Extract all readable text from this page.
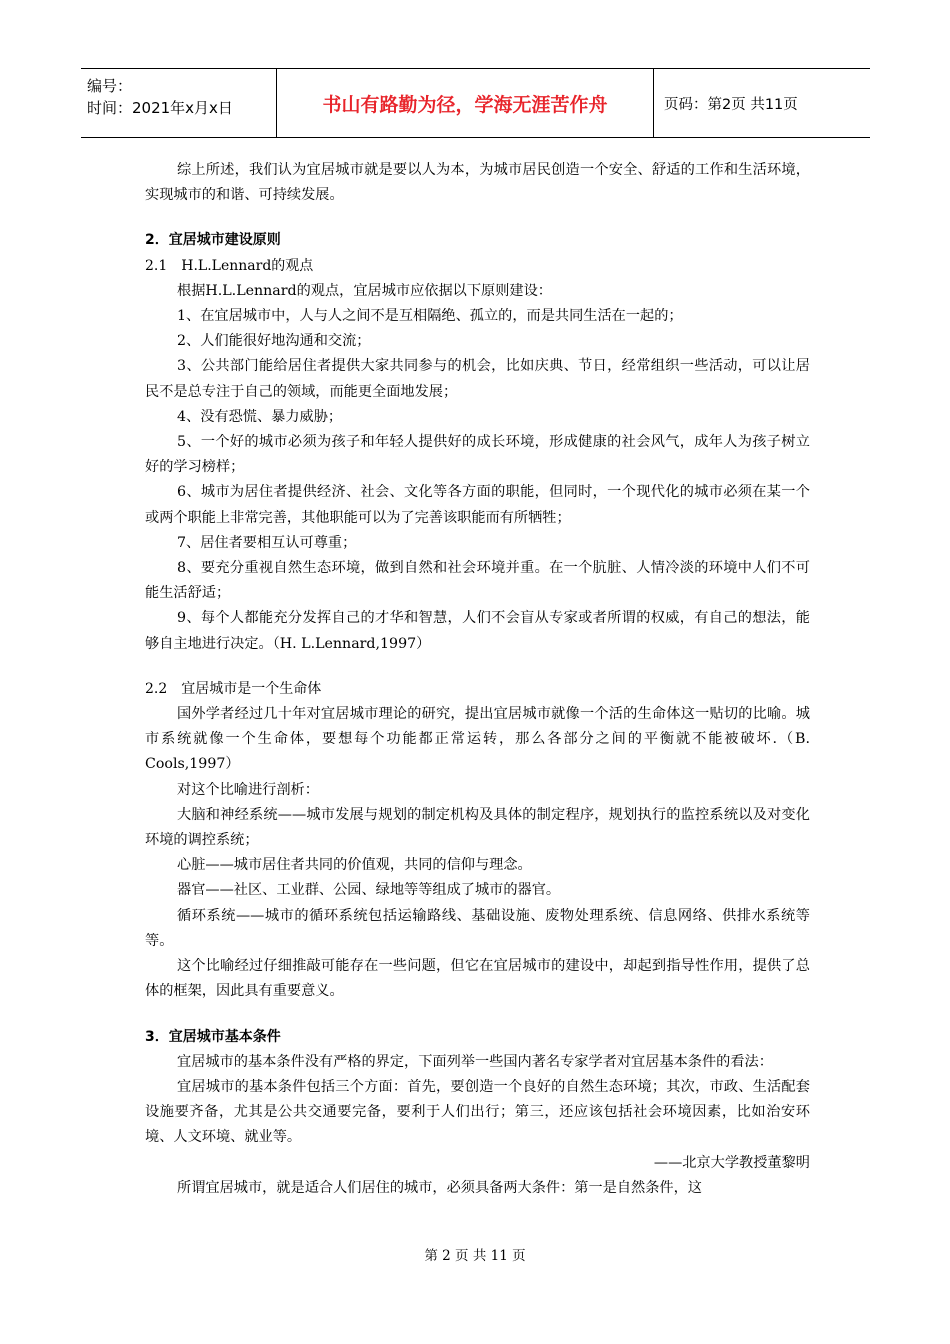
编号：
时间：2021年x月x日	书山有路勤为径，学海无涯苦作舟	页码：第2页 共11页

综上所述，我们认为宜居城市就是要以人为本，为城市居民创造一个安全、舒适的工作和生活环境，实现城市的和谐、可持续发展。

2．宜居城市建设原则

2.1　H.L.Lennard的观点

根据H.L.Lennard的观点，宜居城市应依据以下原则建设：

1、在宜居城市中，人与人之间不是互相隔绝、孤立的，而是共同生活在一起的；

2、人们能很好地沟通和交流；

3、公共部门能给居住者提供大家共同参与的机会，比如庆典、节日，经常组织一些活动，可以让居民不是总专注于自己的领域，而能更全面地发展；

4、没有恐慌、暴力威胁；

5、一个好的城市必须为孩子和年轻人提供好的成长环境，形成健康的社会风气，成年人为孩子树立好的学习榜样；

6、城市为居住者提供经济、社会、文化等各方面的职能，但同时，一个现代化的城市必须在某一个或两个职能上非常完善，其他职能可以为了完善该职能而有所牺牲；

7、居住者要相互认可尊重；

8、要充分重视自然生态环境，做到自然和社会环境并重。在一个肮脏、人情冷淡的环境中人们不可能生活舒适；

9、每个人都能充分发挥自己的才华和智慧，人们不会盲从专家或者所谓的权威，有自己的想法，能够自主地进行决定。（H. L.Lennard,1997）

2.2　宜居城市是一个生命体

国外学者经过几十年对宜居城市理论的研究，提出宜居城市就像一个活的生命体这一贴切的比喻。城市系统就像一个生命体，要想每个功能都正常运转，那么各部分之间的平衡就不能被破坏.（B. Cools,1997）

对这个比喻进行剖析：

大脑和神经系统——城市发展与规划的制定机构及具体的制定程序，规划执行的监控系统以及对变化环境的调控系统；

心脏——城市居住者共同的价值观，共同的信仰与理念。

器官——社区、工业群、公园、绿地等等组成了城市的器官。

循环系统——城市的循环系统包括运输路线、基础设施、废物处理系统、信息网络、供排水系统等等。

这个比喻经过仔细推敲可能存在一些问题，但它在宜居城市的建设中，却起到指导性作用，提供了总体的框架，因此具有重要意义。

3．宜居城市基本条件

宜居城市的基本条件没有严格的界定，下面列举一些国内著名专家学者对宜居基本条件的看法：

宜居城市的基本条件包括三个方面：首先，要创造一个良好的自然生态环境；其次，市政、生活配套设施要齐备，尤其是公共交通要完备，要利于人们出行；第三，还应该包括社会环境因素，比如治安环境、人文环境、就业等。

——北京大学教授董黎明

所谓宜居城市，就是适合人们居住的城市，必须具备两大条件：第一是自然条件，这

第 2 页 共 11 页
